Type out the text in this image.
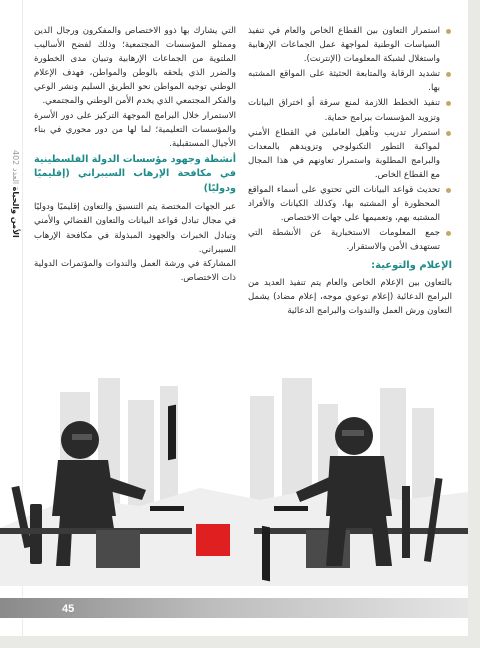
الأمن والحياة العدد 402
استمرار التعاون بين القطاع الخاص والعام في تنفيذ السياسات الوطنية لمواجهة عمل الجماعات الإرهابية واستغلال لشبكة المعلومات (الإنترنت).
تشديد الرقابة والمتابعة الحثيثة على المواقع المشتبه بها.
تنفيذ الخطط اللازمة لمنع سرقة أو اختراق البيانات وتزويد المؤسسات ببرامج حماية.
استمرار تدريب وتأهيل العاملين في القطاع الأمني لمواكبة التطور التكنولوجي وتزويدهم بالمعدات والبرامج المطلوبة واستمرار تعاونهم في هذا المجال مع القطاع الخاص.
تحديث قواعد البيانات التي تحتوي على أسماء المواقع المحظورة أو المشتبه بها، وكذلك الكيانات والأفراد المشتبه بهم، وتعميمها على جهات الاختصاص.
جمع المعلومات الاستخبارية عن الأنشطة التي تستهدف الأمن والاستقرار.
الإعلام والتوعية:

بالتعاون بين الإعلام الخاص والعام يتم تنفيذ العديد من البرامج الدعائية (إعلام توعوي موجه، إعلام مضاد) يشمل التعاون ورش العمل والندوات والبرامج الدعائية

التي يشارك بها ذوو الاختصاص والمفكرون ورجال الدين وممثلو المؤسسات المجتمعية؛ وذلك لفضح الأساليب الملتوية من الجماعات الإرهابية وتبيان مدى الخطورة والضرر الذي يلحقه بالوطن والمواطن، فهدف الإعلام الوطني توجيه المواطن نحو الطريق السليم ونشر الوعي والفكر المجتمعي الذي يخدم الأمن الوطني والمجتمعي.

الاستمرار خلال البرامج الموجهة التركيز على دور الأسرة والمؤسسات التعليمية؛ لما لها من دور محوري في بناء الأجيال المستقبلية.

أنشطة وجهود مؤسسات الدولة الفلسطينية في مكافحة الإرهاب السيبراني (إقليميًا ودوليًا)

عبر الجهات المختصة يتم التنسيق والتعاون إقليميًا ودوليًا في مجال تبادل قواعد البيانات والتعاون القضائي والأمني وتبادل الخبرات والجهود المبذولة في مكافحة الإرهاب السيبراني.

المشاركة في ورشة العمل والندوات والمؤتمرات الدولية ذات الاختصاص.

45
